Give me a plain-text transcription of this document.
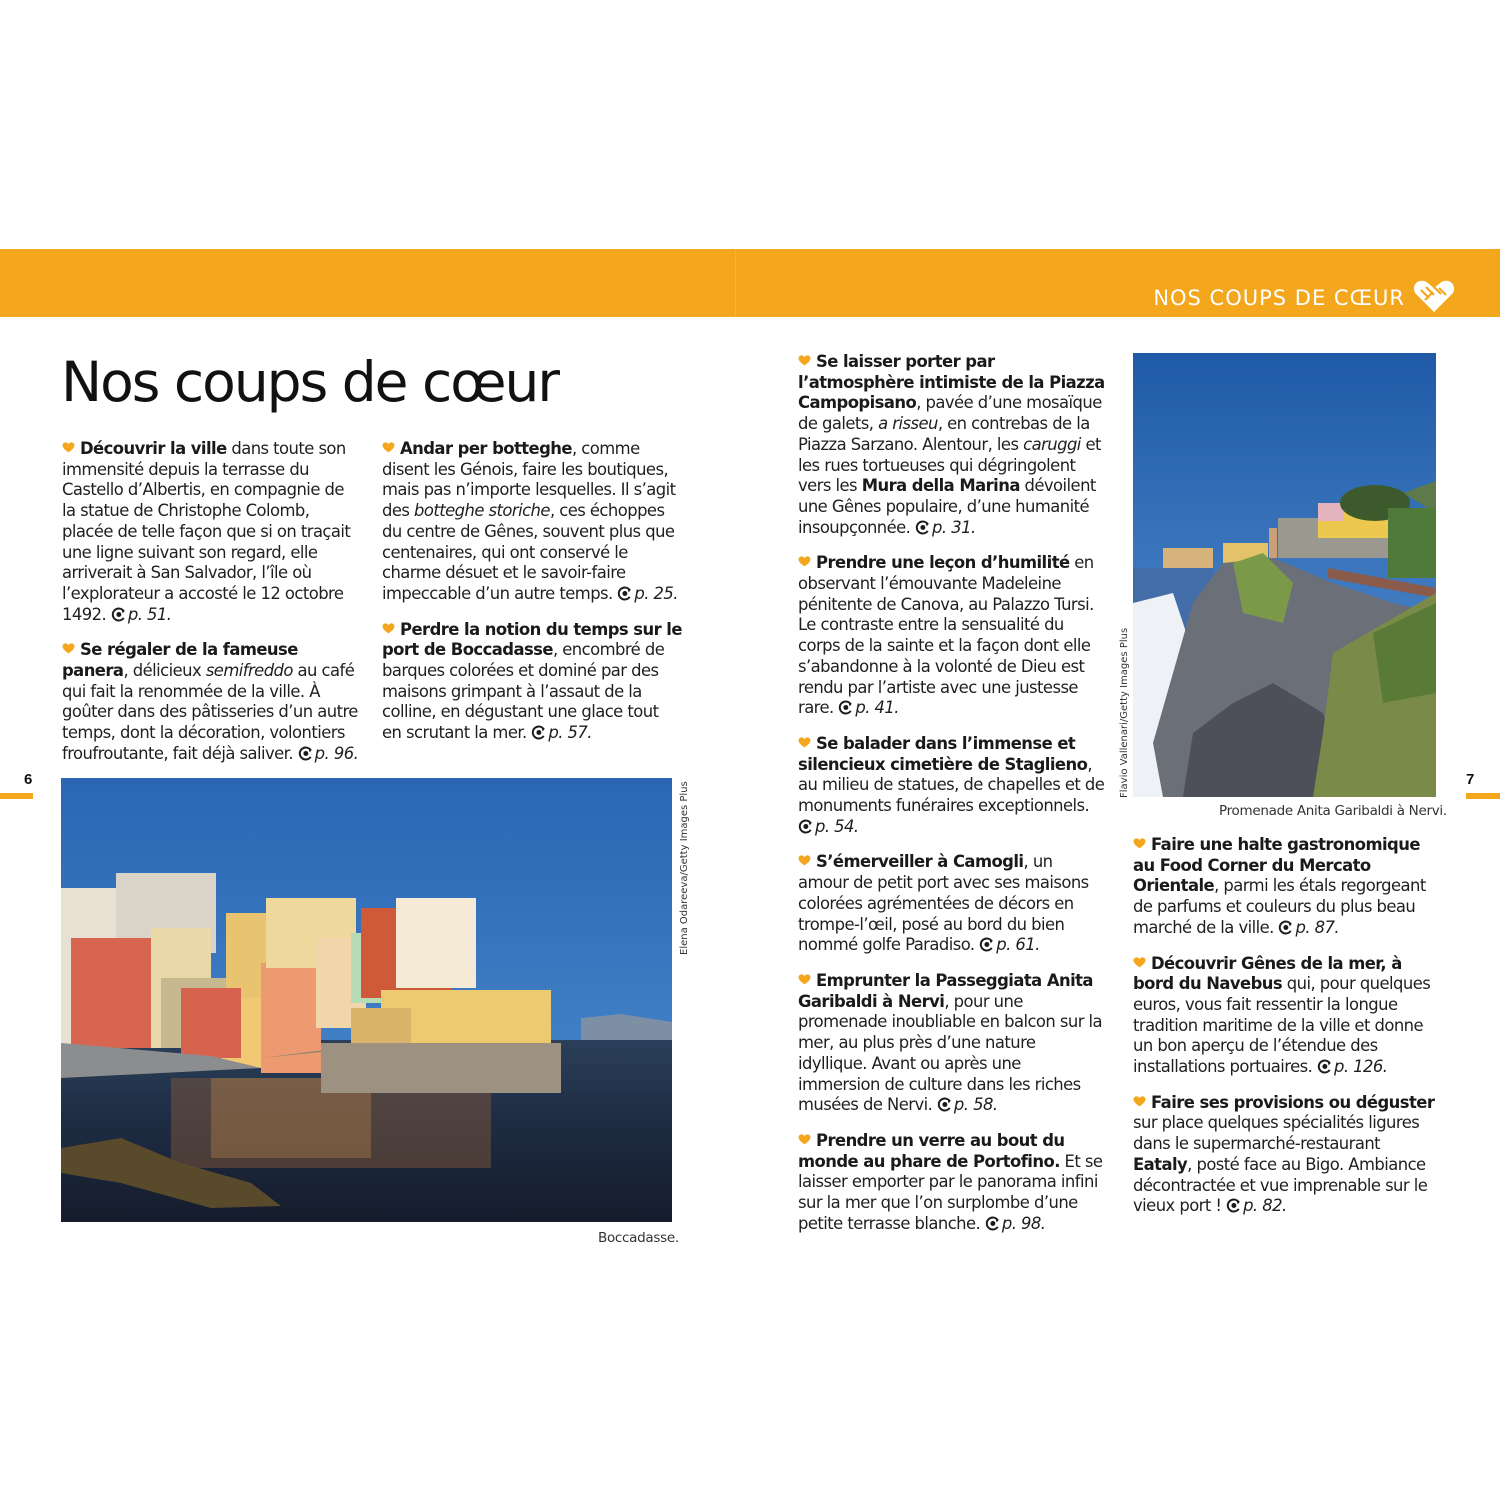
NOS COUPS DE CŒUR
Nos coups de cœur

Découvrir la ville dans toute son immensité depuis la terrasse du Castello d’Albertis, en compagnie de la statue de Christophe Colomb, placée de telle façon que si on traçait une ligne suivant son regard, elle arriverait à San Salvador, l’île où l’explorateur a accosté le 12 octobre 1492. p. 51.

Se régaler de la fameuse panera, délicieux semifreddo au café qui fait la renommée de la ville. À goûter dans des pâtisseries d’un autre temps, dont la décoration, volontiers froufroutante, fait déjà saliver. p. 96.

Andar per botteghe, comme disent les Génois, faire les boutiques, mais pas n’importe lesquelles. Il s’agit des botteghe storiche, ces échoppes du centre de Gênes, souvent plus que centenaires, qui ont conservé le charme désuet et le savoir-faire impeccable d’un autre temps. p. 25.

Perdre la notion du temps sur le port de Boccadasse, encombré de barques colorées et dominé par des maisons grimpant à l’assaut de la colline, en dégustant une glace tout en scrutant la mer. p. 57.

6
Elena Odareeva/Getty Images Plus
Boccadasse.

Se laisser porter par l’atmosphère intimiste de la Piazza Campopisano, pavée d’une mosaïque de galets, a risseu, en contrebas de la Piazza Sarzano. Alentour, les caruggi et les rues tortueuses qui dégringolent vers les Mura della Marina dévoilent une Gênes populaire, d’une humanité insoupçonnée. p. 31.

Prendre une leçon d’humilité en observant l’émouvante Madeleine pénitente de Canova, au Palazzo Tursi. Le contraste entre la sensualité du corps de la sainte et la façon dont elle s’abandonne à la volonté de Dieu est rendu par l’artiste avec une justesse rare. p. 41.

Se balader dans l’immense et silencieux cimetière de Staglieno, au milieu de statues, de chapelles et de monuments funéraires exceptionnels. p. 54.

S’émerveiller à Camogli, un amour de petit port avec ses maisons colorées agrémentées de décors en trompe-l’œil, posé au bord du bien nommé golfe Paradiso. p. 61.

Emprunter la Passeggiata Anita Garibaldi à Nervi, pour une promenade inoubliable en balcon sur la mer, au plus près d’une nature idyllique. Avant ou après une immersion de culture dans les riches musées de Nervi. p. 58.

Prendre un verre au bout du monde au phare de Portofino. Et se laisser emporter par le panorama infini sur la mer que l’on surplombe d’une petite terrasse blanche. p. 98.

Flavio Vallenari/Getty Images Plus
Promenade Anita Garibaldi à Nervi.

Faire une halte gastronomique au Food Corner du Mercato Orientale, parmi les étals regorgeant de parfums et couleurs du plus beau marché de la ville. p. 87.

Découvrir Gênes de la mer, à bord du Navebus qui, pour quelques euros, vous fait ressentir la longue tradition maritime de la ville et donne un bon aperçu de l’étendue des installations portuaires. p. 126.

Faire ses provisions ou déguster sur place quelques spécialités ligures dans le supermarché-restaurant Eataly, posté face au Bigo. Ambiance décontractée et vue imprenable sur le vieux port ! p. 82.

7
